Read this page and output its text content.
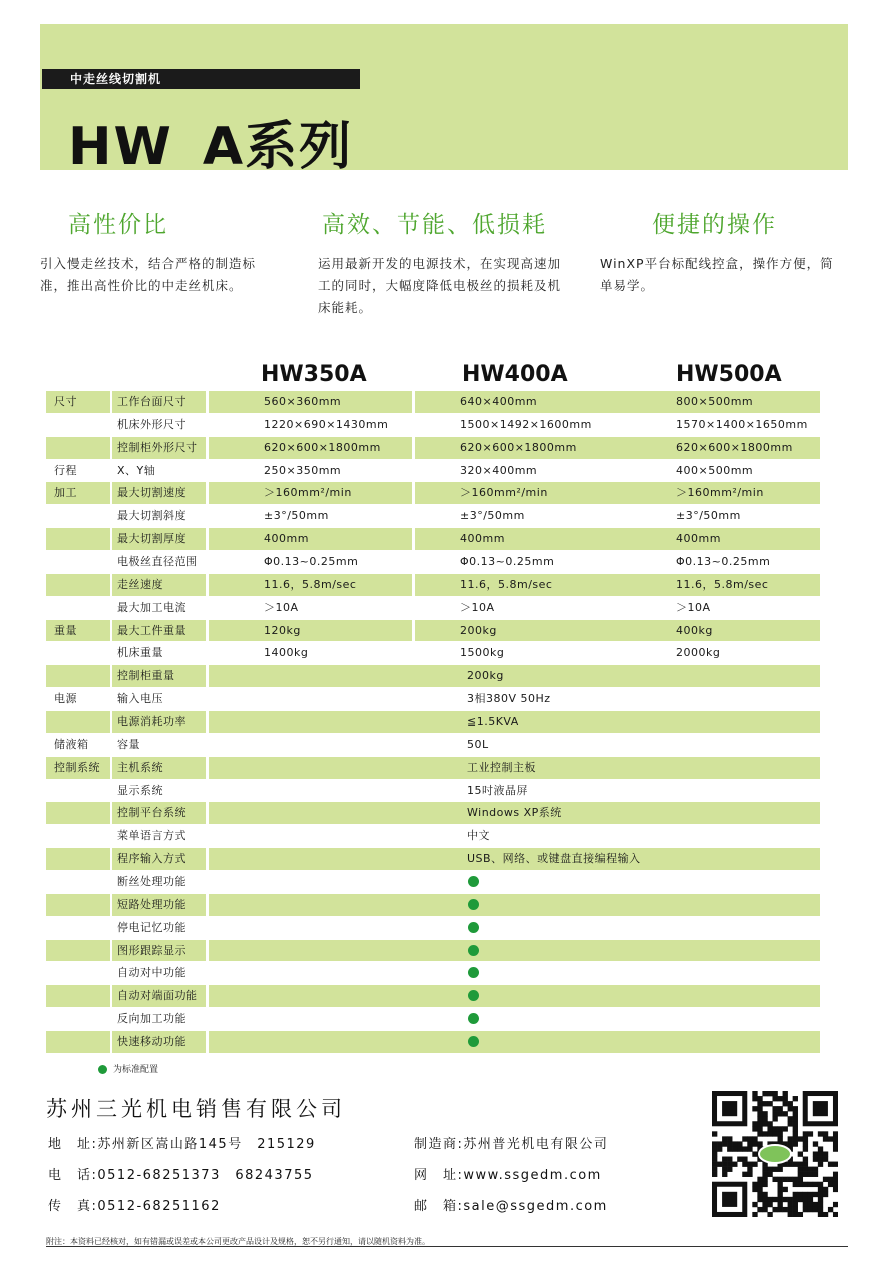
中走丝线切割机
HW A系列
高性价比
引入慢走丝技术，结合严格的制造标准，推出高性价比的中走丝机床。
高效、节能、低损耗
运用最新开发的电源技术，在实现高速加工的同时，大幅度降低电极丝的损耗及机床能耗。
便捷的操作
WinXP平台标配线控盒，操作方便，简单易学。
HW350A	HW400A	HW500A
尺寸	工作台面尺寸	560×360mm	640×400mm	800×500mm
机床外形尺寸	1220×690×1430mm	1500×1492×1600mm	1570×1400×1650mm
控制柜外形尺寸	620×600×1800mm	620×600×1800mm	620×600×1800mm
行程	X、Y轴	250×350mm	320×400mm	400×500mm
加工	最大切割速度	＞160mm²/min	＞160mm²/min	＞160mm²/min
最大切割斜度	±3°/50mm	±3°/50mm	±3°/50mm
最大切割厚度	400mm	400mm	400mm
电极丝直径范围	Φ0.13~0.25mm	Φ0.13~0.25mm	Φ0.13~0.25mm
走丝速度	11.6，5.8m/sec	11.6，5.8m/sec	11.6，5.8m/sec
最大加工电流	＞10A	＞10A	＞10A
重量	最大工件重量	120kg	200kg	400kg
机床重量	1400kg	1500kg	2000kg
控制柜重量	200kg
电源	输入电压	3相380V 50Hz
电源消耗功率	≦1.5KVA
储液箱	容量	50L
控制系统 主机系统	工业控制主板
显示系统	15吋液晶屏
控制平台系统	Windows XP系统
菜单语言方式	中文
程序输入方式	USB、网络、或键盘直接编程输入
断丝处理功能
短路处理功能
停电记忆功能
图形跟踪显示
自动对中功能
自动对端面功能
反向加工功能
快速移动功能
为标准配置
苏州三光机电销售有限公司
地　址:苏州新区嵩山路145号　215129
电　话:0512-68251373　68243755
传　真:0512-68251162
制造商:苏州普光机电有限公司
网　址:www.ssgedm.com
邮　箱:sale@ssgedm.com
附注：本资料已经核对，如有错漏或误差或本公司更改产品设计及规格，恕不另行通知，请以随机资料为准。
